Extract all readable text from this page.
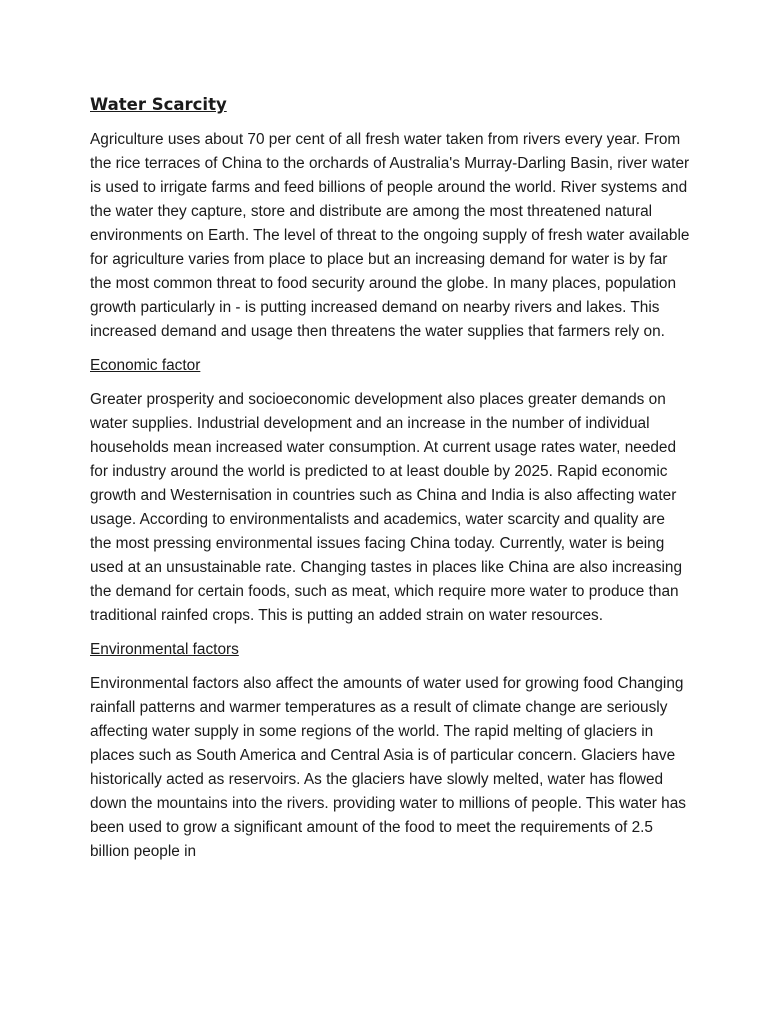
Water Scarcity
Agriculture uses about 70 per cent of all fresh water taken from rivers every year. From the rice terraces of China to the orchards of Australia's Murray-Darling Basin, river water is used to irrigate farms and feed billions of people around the world. River systems and the water they capture, store and distribute are among the most threatened natural environments on Earth. The level of threat to the ongoing supply of fresh water available for agriculture varies from place to place but an increasing demand for water is by far the most common threat to food security around the globe. In many places, population growth particularly in - is putting increased demand on nearby rivers and lakes. This increased demand and usage then threatens the water supplies that farmers rely on.
Economic factor
Greater prosperity and socioeconomic development also places greater demands on water supplies. Industrial development and an increase in the number of individual households mean increased water consumption. At current usage rates water, needed for industry around the world is predicted to at least double by 2025. Rapid economic growth and Westernisation in countries such as China and India is also affecting water usage. According to environmentalists and academics, water scarcity and quality are the most pressing environmental issues facing China today. Currently, water is being used at an unsustainable rate. Changing tastes in places like China are also increasing the demand for certain foods, such as meat, which require more water to produce than traditional rainfed crops. This is putting an added strain on water resources.
Environmental factors
Environmental factors also affect the amounts of water used for growing food Changing rainfall patterns and warmer temperatures as a result of climate change are seriously affecting water supply in some regions of the world. The rapid melting of glaciers in places such as South America and Central Asia is of particular concern. Glaciers have historically acted as reservoirs. As the glaciers have slowly melted, water has flowed down the mountains into the rivers. providing water to millions of people. This water has been used to grow a significant amount of the food to meet the requirements of 2.5 billion people in
